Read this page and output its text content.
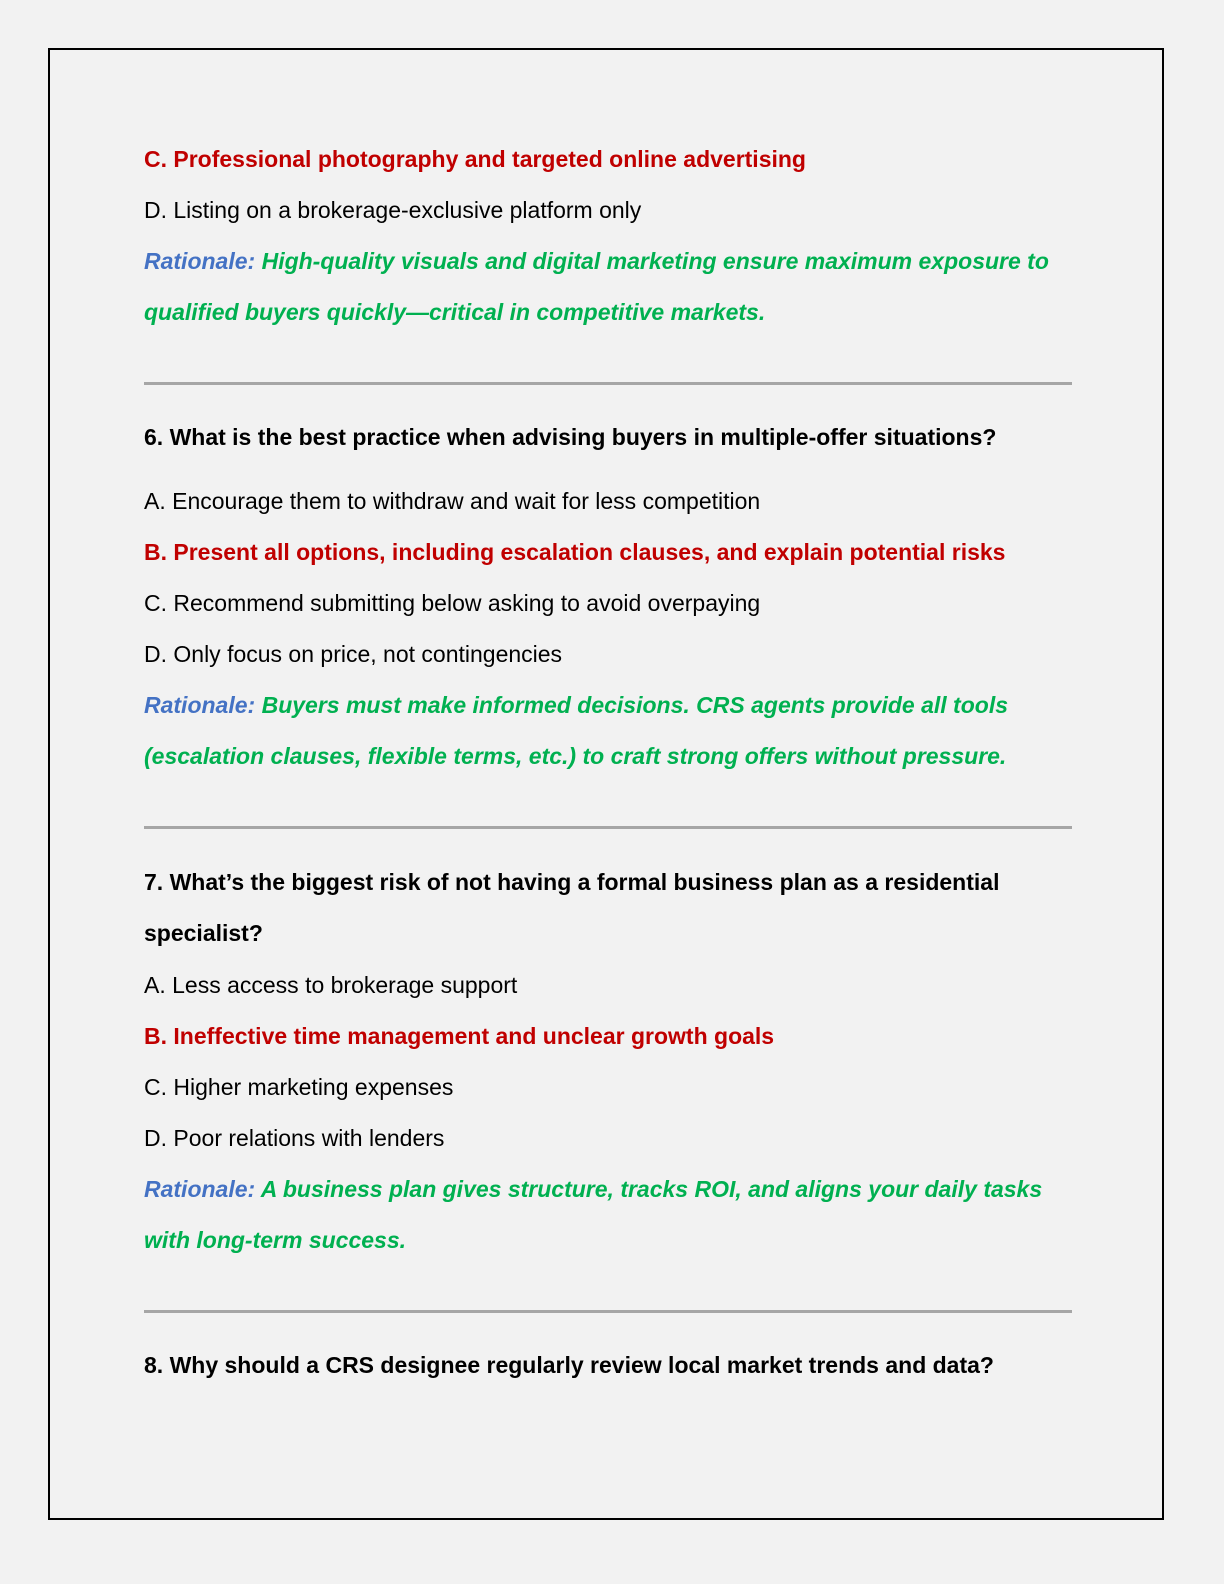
C. Professional photography and targeted online advertising
D. Listing on a brokerage-exclusive platform only
Rationale: High-quality visuals and digital marketing ensure maximum exposure to qualified buyers quickly—critical in competitive markets.
6. What is the best practice when advising buyers in multiple-offer situations?
A. Encourage them to withdraw and wait for less competition
B. Present all options, including escalation clauses, and explain potential risks
C. Recommend submitting below asking to avoid overpaying
D. Only focus on price, not contingencies
Rationale: Buyers must make informed decisions. CRS agents provide all tools (escalation clauses, flexible terms, etc.) to craft strong offers without pressure.
7. What’s the biggest risk of not having a formal business plan as a residential specialist?
A. Less access to brokerage support
B. Ineffective time management and unclear growth goals
C. Higher marketing expenses
D. Poor relations with lenders
Rationale: A business plan gives structure, tracks ROI, and aligns your daily tasks with long-term success.
8. Why should a CRS designee regularly review local market trends and data?
